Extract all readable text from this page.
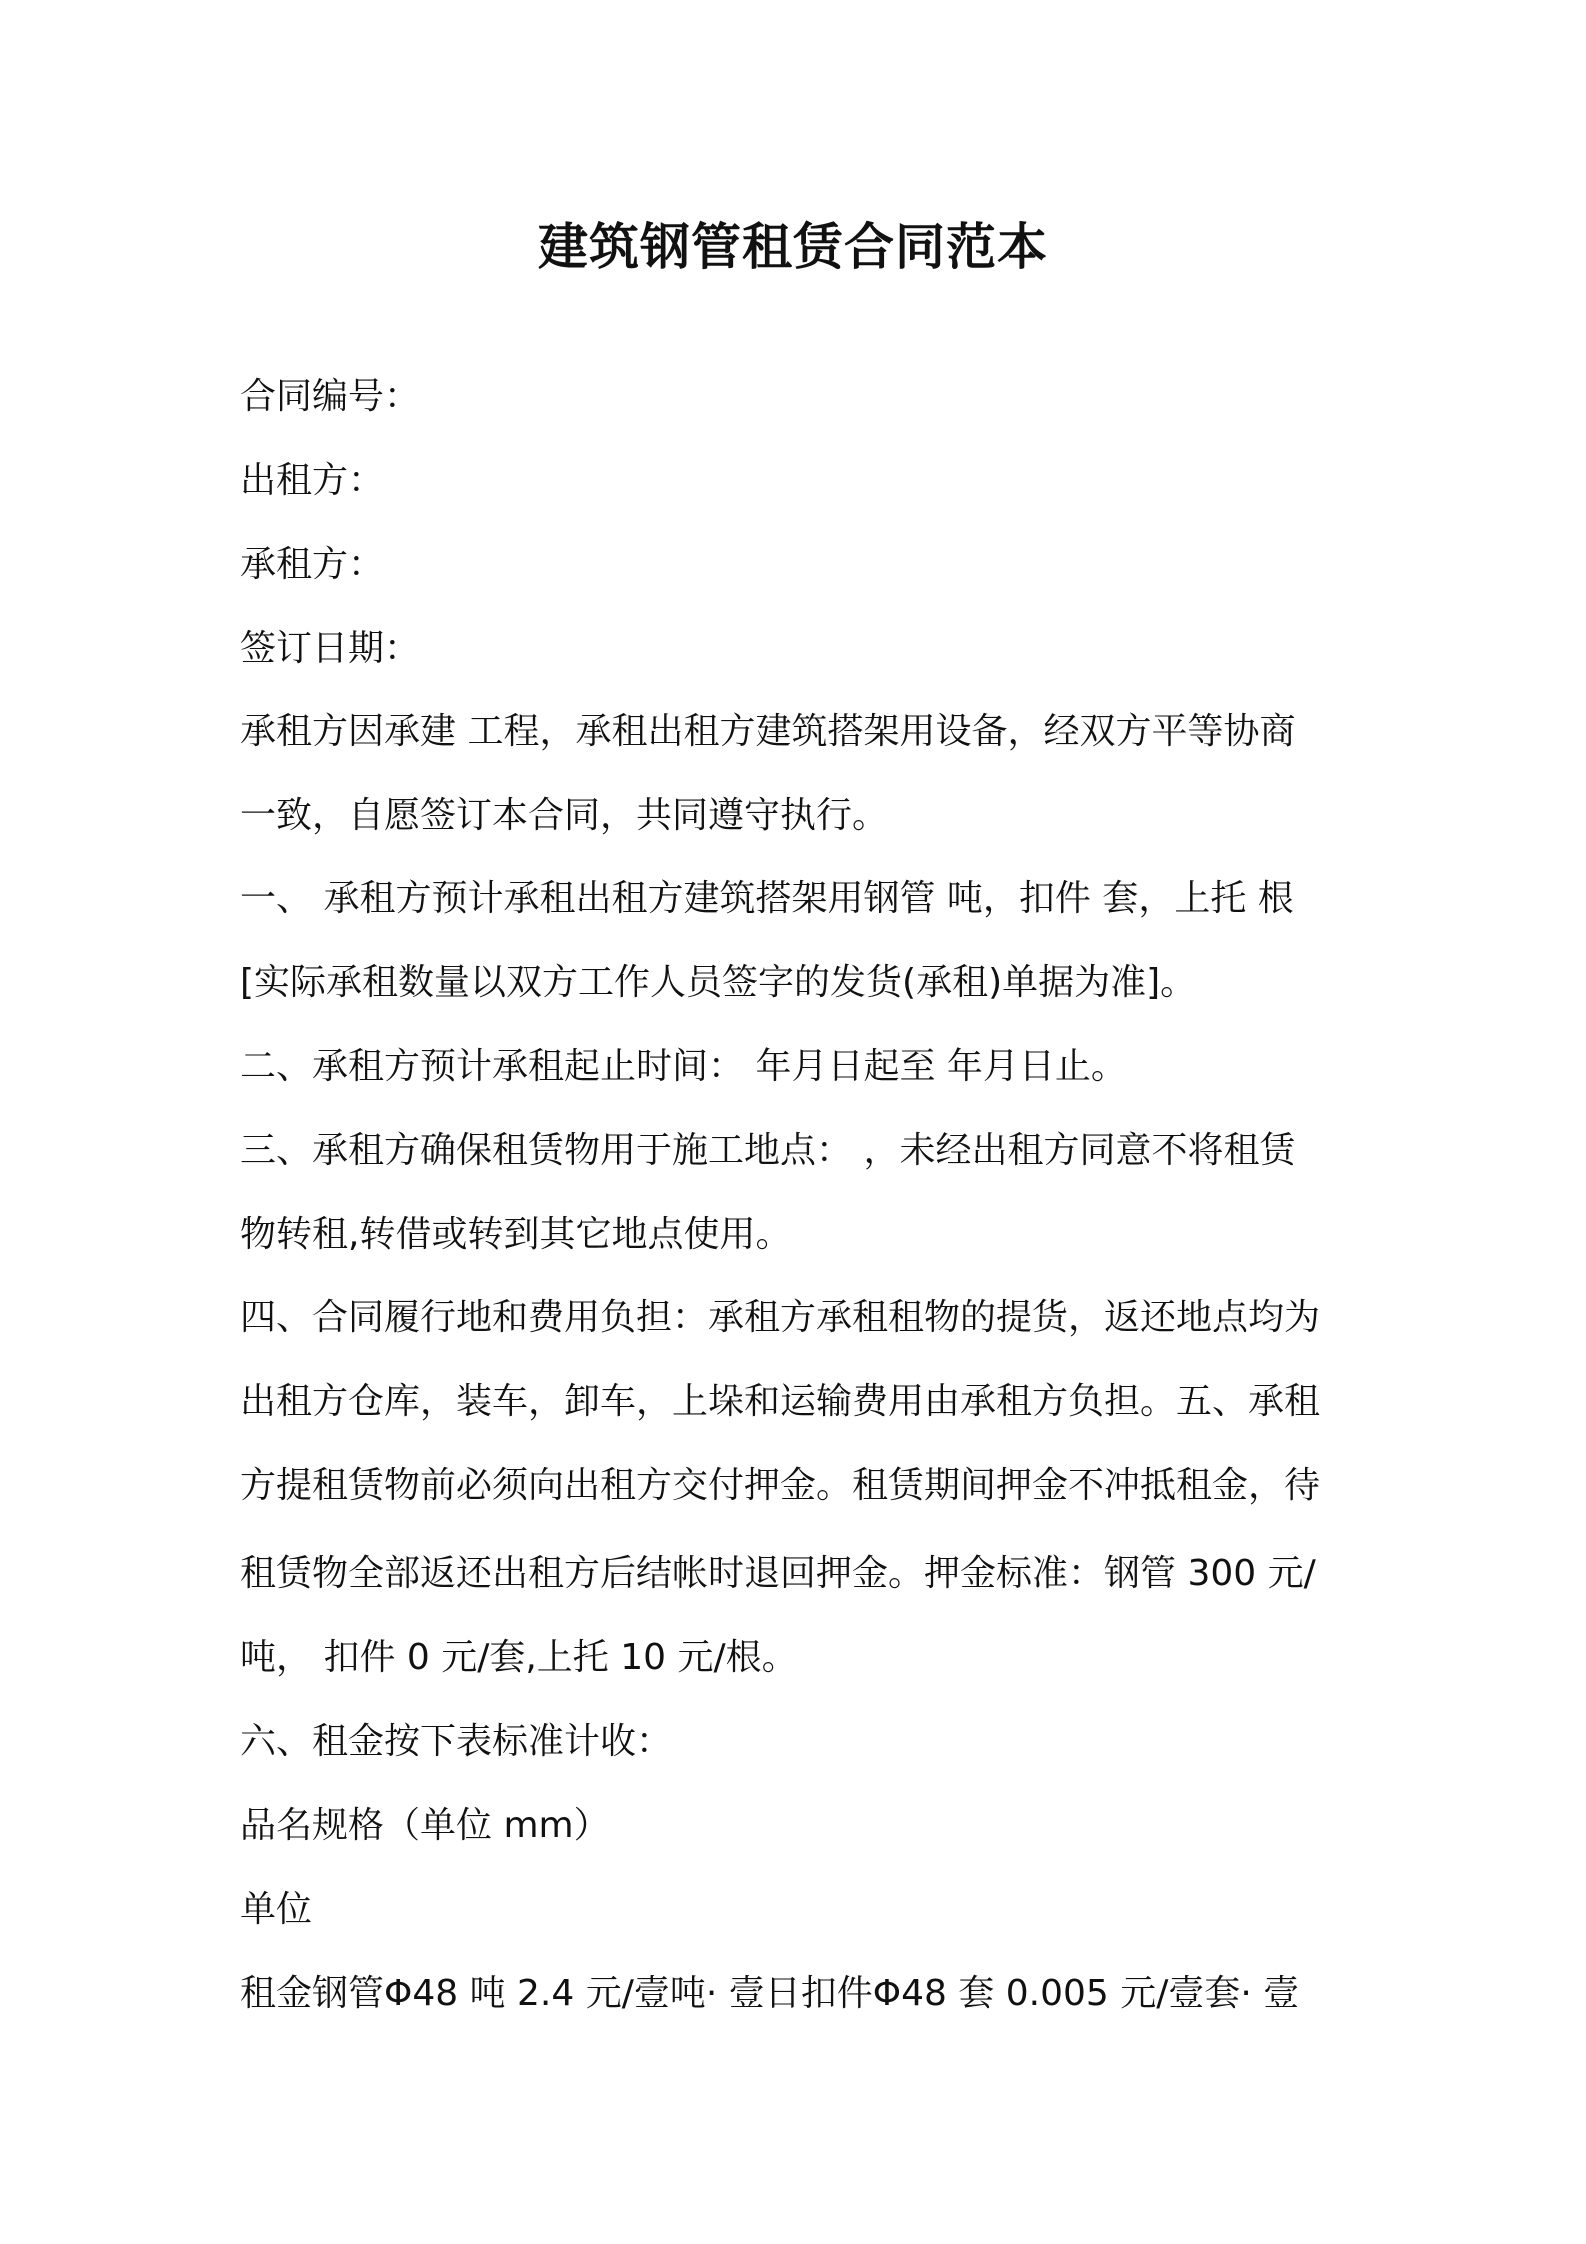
建筑钢管租赁合同范本
合同编号：
出租方：
承租方：
签订日期：
承租方因承建 工程，承租出租方建筑搭架用设备，经双方平等协商
一致，自愿签订本合同，共同遵守执行。
一、 承租方预计承租出租方建筑搭架用钢管 吨，扣件 套，上托 根
[实际承租数量以双方工作人员签字的发货(承租)单据为准]。
二、承租方预计承租起止时间： 年月日起至 年月日止。
三、承租方确保租赁物用于施工地点： ，未经出租方同意不将租赁
物转租,转借或转到其它地点使用。
四、合同履行地和费用负担：承租方承租租物的提货，返还地点均为
出租方仓库，装车，卸车，上垛和运输费用由承租方负担。五、承租
方提租赁物前必须向出租方交付押金。租赁期间押金不冲抵租金，待
租赁物全部返还出租方后结帐时退回押金。押金标准：钢管 300 元/
吨， 扣件 0 元/套,上托 10 元/根。
六、租金按下表标准计收：
品名规格（单位 mm）
单位
租金钢管Φ48 吨 2.4 元/壹吨· 壹日扣件Φ48 套 0.005 元/壹套· 壹
